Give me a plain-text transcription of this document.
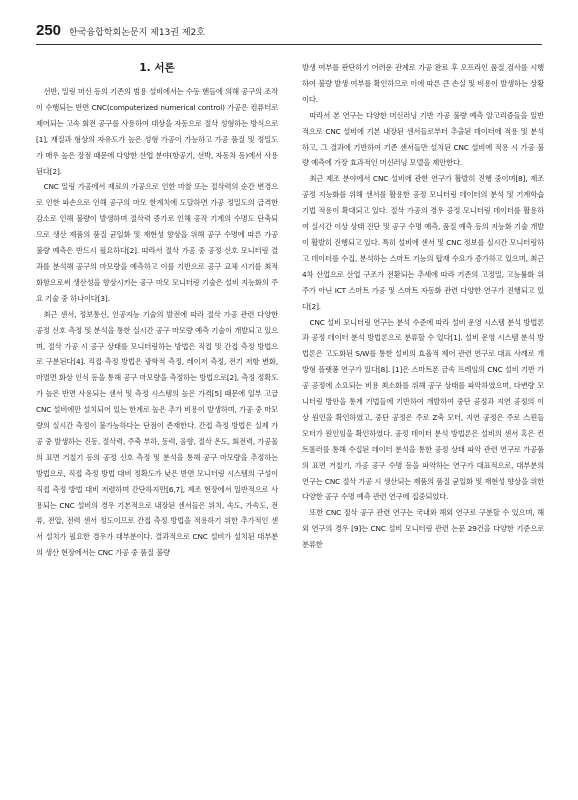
250 한국융합학회논문지 제13권 제2호
1. 서론

선반, 밀링 머신 등의 기존의 범용 설비에서는 수동 핸들에 의해 공구의 조작이 수행되는 반면 CNC(computerized numerical control) 가공은 컴퓨터로 제어되는 고속 회전 공구를 사용하여 대상을 자동으로 절삭 성형하는 방식으로[1], 재질과 형상의 자유도가 높은 성형 가공이 가능하고 가공 품질 및 정밀도가 매우 높은 장점 때문에 다양한 산업 분야(항공기, 선박, 자동차 등)에서 사용된다[2].

CNC 밀링 가공에서 재료의 가공으로 인한 마찰 또는 절삭력의 순간 변경으로 인한 파손으로 인해 공구의 마모 한계치에 도달하면 가공 정밀도의 급격한 감소로 인해 불량이 발생하며 절삭력 증가로 인해 공작 기계의 수명도 단축되므로 생산 제품의 품질 균일화 및 재현성 향상을 위해 공구 수명에 따른 가공 불량 예측은 반드시 필요하다[2]. 따라서 절삭 가공 중 공정 신호 모니터링 결과를 분석해 공구의 마모량을 예측하고 이를 기반으로 공구 교체 시기를 최적화함으로써 생산성을 향상시키는 공구 마모 모니터링 기술은 설비 지능화의 주요 기술 중 하나이다[3].

최근 센서, 정보통신, 인공지능 기술의 발전에 따라 절삭 가공 관련 다양한 공정 신호 측정 및 분석을 통한 실시간 공구 마모량 예측 기술이 개발되고 있으며, 절삭 가공 시 공구 상태를 모니터링하는 방법은 직접 및 간접 측정 방법으로 구분된다[4]. 직접 측정 방법은 광학적 측정, 레이저 측정, 전기 저항 변화, 마멸면 화상 인식 등을 통해 공구 마모량을 측정하는 방법으로[2], 측정 정확도가 높은 반면 사용되는 센서 및 측정 시스템의 높은 가격[5] 때문에 일부 고급 CNC 설비에만 설치되어 있는 한계로 높은 추가 비용이 발생하며, 가공 중 마모량의 실시간 측정이 불가능하다는 단점이 존재한다. 간접 측정 방법은 실제 가공 중 발생하는 진동, 절삭력, 주축 부하, 동력, 음향, 절삭 온도, 회전력, 가공물의 표면 거칠기 등의 공정 신호 측정 및 분석을 통해 공구 마모량을 추정하는 방법으로, 직접 측정 방법 대비 정확도가 낮은 반면 모니터링 시스템의 구성이 직접 측정 방법 대비 저렴하며 간단하지만[6,7], 제조 현장에서 일반적으로 사용되는 CNC 설비의 경우 기본적으로 내장된 센서들은 위치, 속도, 가속도, 전류, 전압, 전력 센서 정도이므로 간접 측정 방법을 적용하기 위한 추가적인 센서 설치가 필요한 경우가 대부분이다. 결과적으로 CNC 설비가 설치된 대부분의 생산 현장에서는 CNC 가공 중 품질 불량

발생 여부를 판단하기 어려운 관계로 가공 완료 후 오프라인 품질 검사를 시행하여 불량 발생 여부를 확인하므로 이에 따른 큰 손실 및 비용이 발생하는 상황이다.

따라서 본 연구는 다양한 머신러닝 기반 가공 불량 예측 알고리즘들을 일반적으로 CNC 설비에 기본 내장된 센서들로부터 추출된 데이터에 적용 및 분석하고, 그 결과에 기반하여 기존 센서들만 설치된 CNC 설비에 적용 시 가공 불량 예측에 가장 효과적인 머신러닝 모델을 제안한다.

최근 제조 분야에서 CNC 설비에 관한 연구가 활발히 진행 중이며[8], 제조 공정 지능화를 위해 센서를 활용한 공정 모니터링 데이터의 분석 및 기계학습 기법 적용이 확대되고 있다. 절삭 가공의 경우 공정 모니터링 데이터를 활용하여 실시간 이상 상태 진단 및 공구 수명 예측, 품질 예측 등의 지능화 기술 개발이 활발히 진행되고 있다. 특히 설비에 센서 및 CNC 정보를 실시간 모니터링하고 데이터를 수집, 분석하는 스마트 기능의 탑재 수요가 증가하고 있으며, 최근 4차 산업으로 산업 구조가 전환되는 추세에 따라 기존의 고정밀, 고능률화 위주가 아닌 ICT 스마트 가공 및 스마트 자동화 관련 다양한 연구가 진행되고 있다[2].

CNC 설비 모니터링 연구는 분석 수준에 따라 설비 운영 시스템 분석 방법론과 공정 데이터 분석 방법론으로 분류할 수 있다[1]. 설비 운영 시스템 분석 방법론은 고도화된 S/W를 통한 설비의 효율적 제어 관련 연구로 대표 사례로 개방형 플랫폼 연구가 있다[8]. [1]은 스마트폰 금속 프레임의 CNC 설비 기반 가공 공정에 소요되는 비용 최소화를 위해 공구 상태를 파악하였으며, 다변량 모니터링 방안을 통계 기법들에 기반하여 개발하여 중단 공정과 지연 공정의 이상 원인을 확인하였고, 중단 공정은 주로 Z축 모터, 지연 공정은 주로 스핀들 모터가 원인임을 확인하였다. 공정 데이터 분석 방법론은 설비의 센서 혹은 컨트롤러를 통해 수집된 데이터 분석을 통한 공정 상태 파악 관련 연구로 가공품의 표면 거칠기, 가공 공구 수명 등을 파악하는 연구가 대표적으로, 대부분의 연구는 CNC 절삭 가공 시 생산되는 제품의 품질 균일화 및 재현성 향상을 위한 다양한 공구 수명 예측 관련 연구에 집중되었다.

또한 CNC 절삭 공구 관련 연구는 국내와 해외 연구로 구분할 수 있으며, 해외 연구의 경우 [9]는 CNC 설비 모니터링 관련 논문 29건을 다양한 기준으로 분류한
